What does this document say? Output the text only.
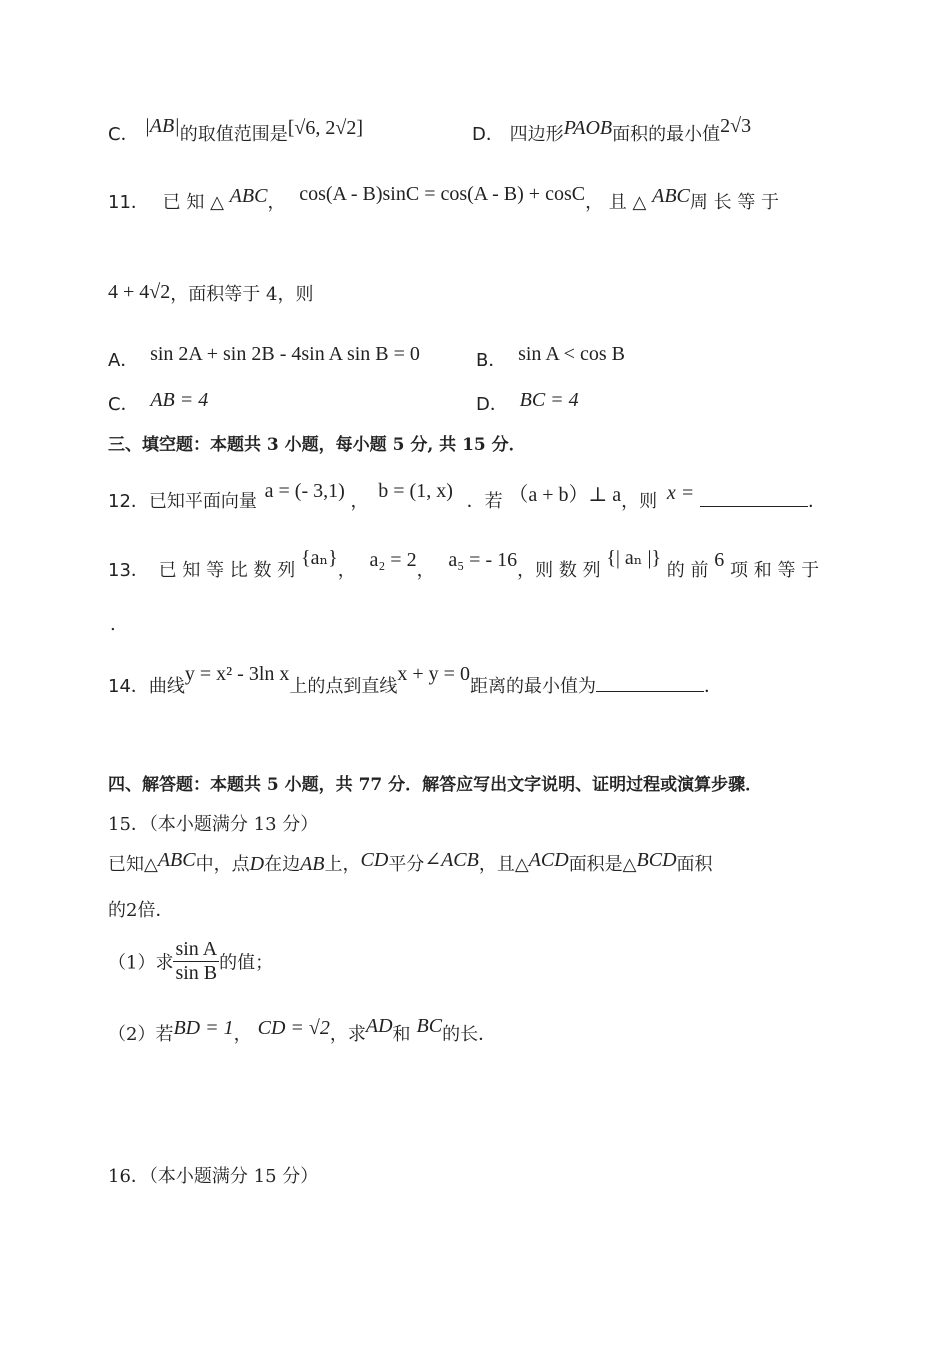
C． |AB|的取值范围是[√6, 2√2]	D． 四边形PAOB面积的最小值2√3
11． 已 知 △ ABC， cos(A - B)sinC = cos(A - B) + cosC， 且 △ ABC周 长 等 于
4 + 4√2，面积等于 4，则
A． sin 2A + sin 2B - 4sin A sin B = 0	B． sin A < cos B
C． AB = 4	D． BC = 4
三、填空题：本题共 3 小题，每小题 5 分, 共 15 分．
12．已知平面向量 a = (- 3,1) ， b = (1, x) ．若 （a + b）⊥ a，则 x =	．
13． 已 知 等 比 数 列 {aₙ}， a₂ = 2， a₅ = - 16，则 数 列 {| aₙ |} 的 前 6 项 和 等 于
.
14．曲线y = x² - 3ln x上的点到直线x + y = 0距离的最小值为	．
四、解答题：本题共 5 小题，共 77 分．解答应写出文字说明、证明过程或演算步骤．
15．（本小题满分 13 分）
已知△ABC中，点D在边AB上，CD平分∠ACB，且△ACD面积是△BCD面积
的2倍．
（1）求 $\frac{\text{sin A}}{\text{sin B}}$ 的值；
（2）若BD = 1， CD = √2，求AD和 BC的长．
16．（本小题满分 15 分）
